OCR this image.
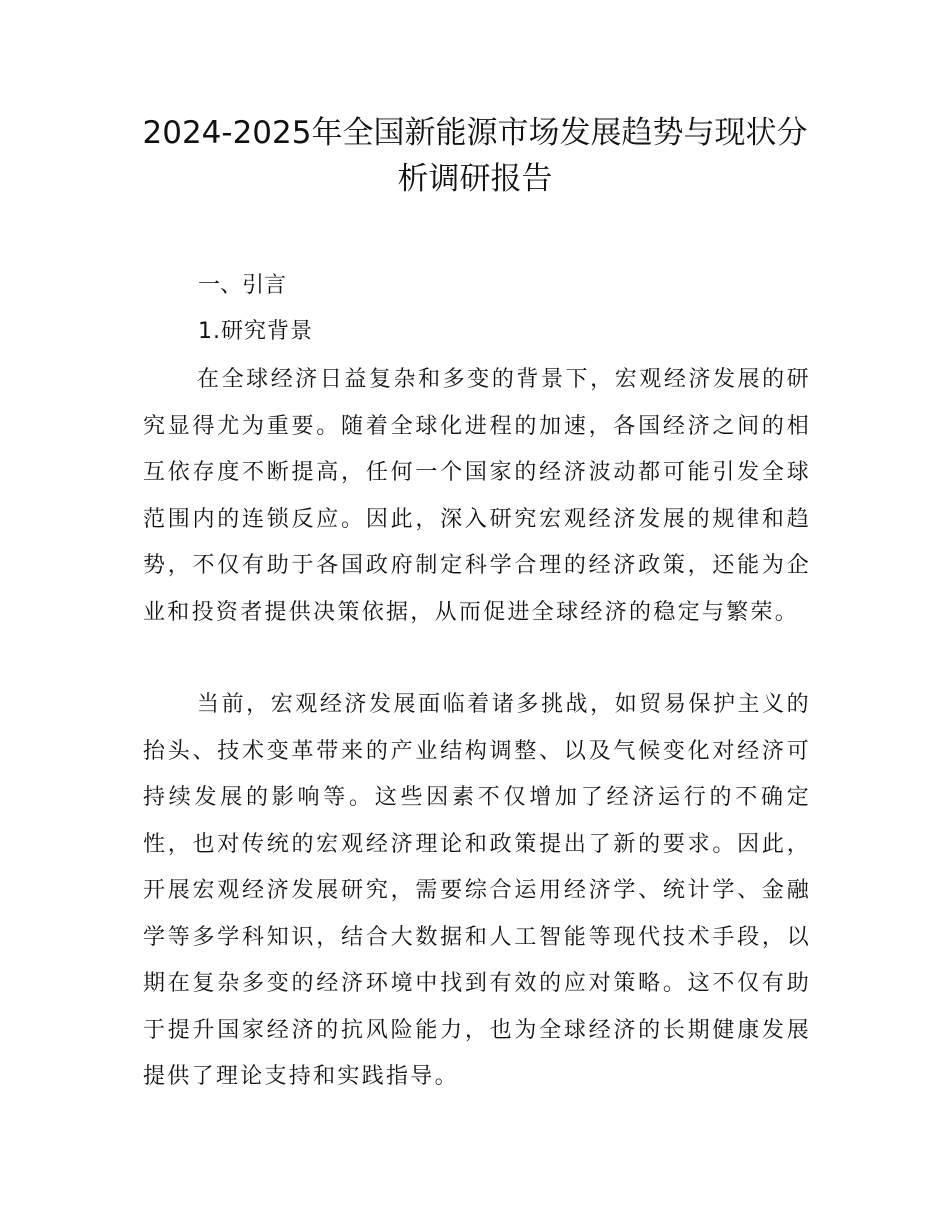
2024-2025年全国新能源市场发展趋势与现状分析调研报告
一、引言
1.研究背景

在全球经济日益复杂和多变的背景下，宏观经济发展的研究显得尤为重要。随着全球化进程的加速，各国经济之间的相互依存度不断提高，任何一个国家的经济波动都可能引发全球范围内的连锁反应。因此，深入研究宏观经济发展的规律和趋势，不仅有助于各国政府制定科学合理的经济政策，还能为企业和投资者提供决策依据，从而促进全球经济的稳定与繁荣。

当前，宏观经济发展面临着诸多挑战，如贸易保护主义的抬头、技术变革带来的产业结构调整、以及气候变化对经济可持续发展的影响等。这些因素不仅增加了经济运行的不确定性，也对传统的宏观经济理论和政策提出了新的要求。因此，开展宏观经济发展研究，需要综合运用经济学、统计学、金融学等多学科知识，结合大数据和人工智能等现代技术手段，以期在复杂多变的经济环境中找到有效的应对策略。这不仅有助于提升国家经济的抗风险能力，也为全球经济的长期健康发展提供了理论支持和实践指导。
